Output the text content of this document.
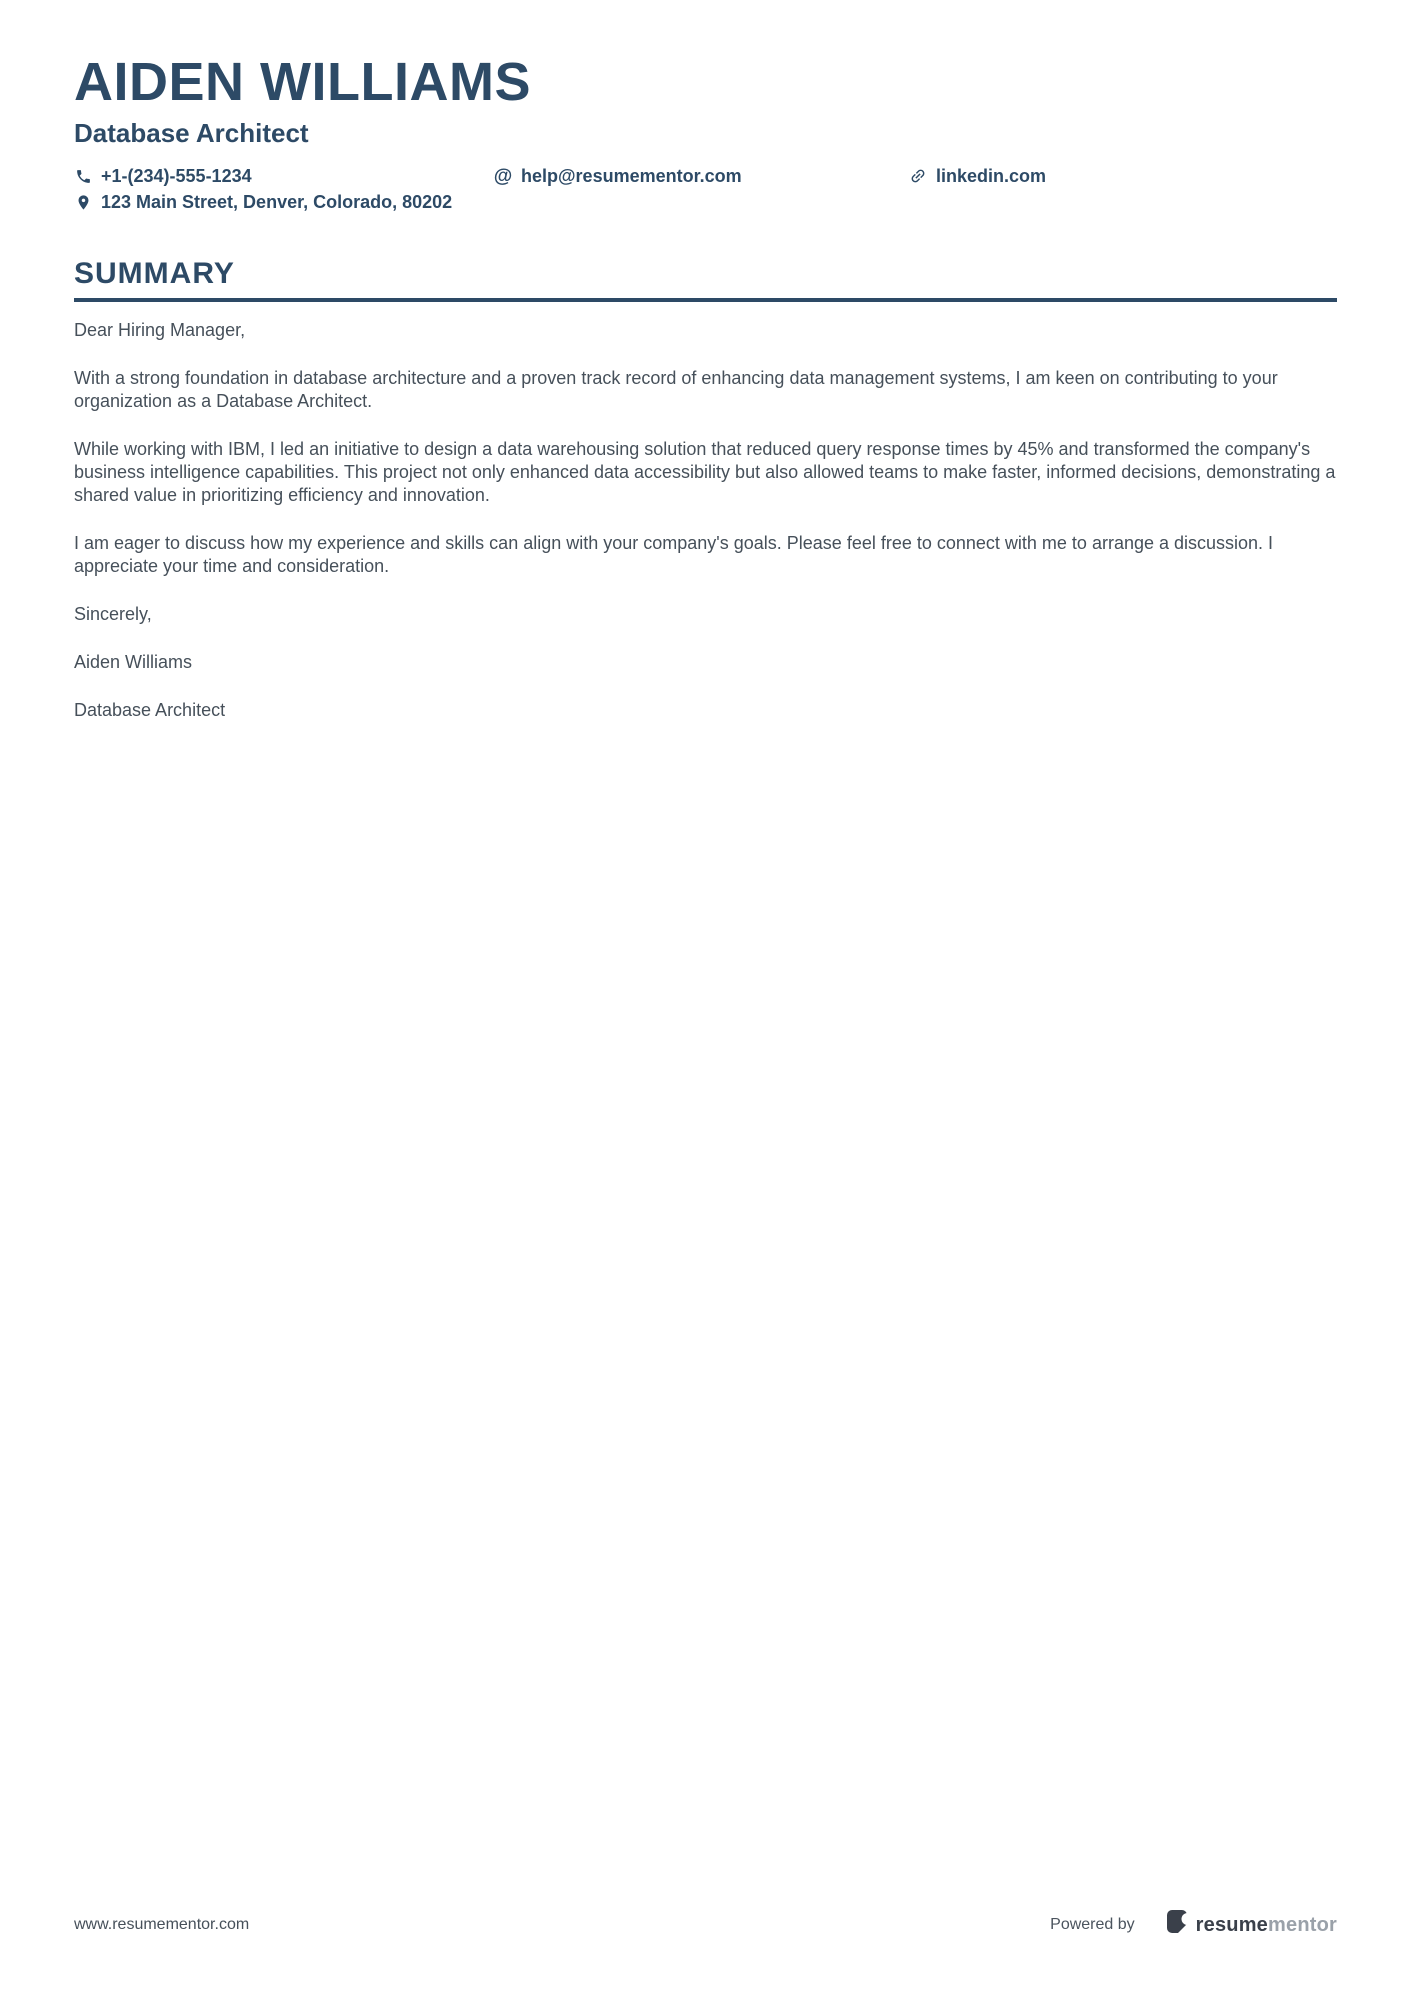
AIDEN WILLIAMS
Database Architect
+1-(234)-555-1234	@ help@resumementor.com	linkedin.com
123 Main Street, Denver, Colorado, 80202
SUMMARY

Dear Hiring Manager,

With a strong foundation in database architecture and a proven track record of enhancing data management systems, I am keen on contributing to your organization as a Database Architect.

While working with IBM, I led an initiative to design a data warehousing solution that reduced query response times by 45% and transformed the company's business intelligence capabilities. This project not only enhanced data accessibility but also allowed teams to make faster, informed decisions, demonstrating a shared value in prioritizing efficiency and innovation.

I am eager to discuss how my experience and skills can align with your company's goals. Please feel free to connect with me to arrange a discussion. I appreciate your time and consideration.

Sincerely,

Aiden Williams

Database Architect

www.resumementor.com	Powered by	resumementor
